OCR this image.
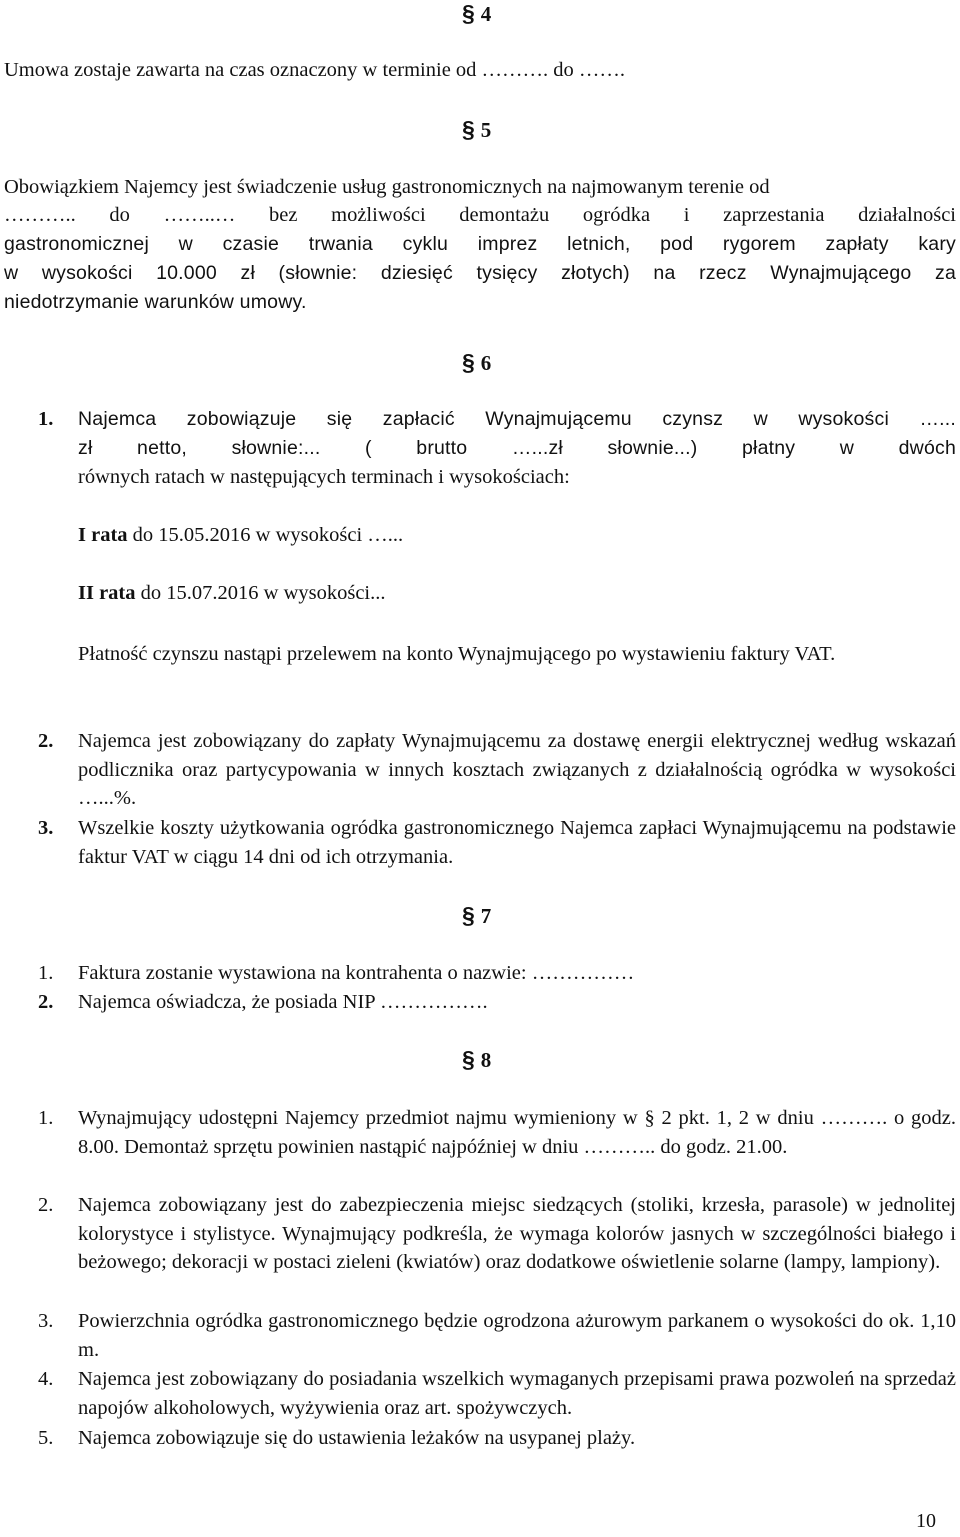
§ 4
Umowa zostaje zawarta na czas oznaczony w terminie od ………. do …….
§ 5
Obowiązkiem Najemcy jest świadczenie usług gastronomicznych na najmowanym terenie od
……….. do ……..… bez możliwości demontażu ogródka i zaprzestania działalności
gastronomicznej w czasie trwania cyklu imprez letnich, pod rygorem zapłaty kary
w wysokości 10.000 zł (słownie: dziesięć tysięcy złotych) na rzecz Wynajmującego za
niedotrzymanie warunków umowy.
§ 6
1. Najemca zobowiązuje się zapłacić Wynajmującemu czynsz w wysokości …...
zł netto, słownie:... ( brutto …...zł słownie...) płatny w dwóch
równych ratach w następujących terminach i wysokościach:
I rata do 15.05.2016 w wysokości …...
II rata do 15.07.2016 w wysokości...
Płatność czynszu nastąpi przelewem na konto Wynajmującego po wystawieniu faktury VAT.
2. Najemca jest zobowiązany do zapłaty Wynajmującemu za dostawę energii elektrycznej według wskazań podlicznika oraz partycypowania w innych kosztach związanych z działalnością ogródka w wysokości …...%.
3. Wszelkie koszty użytkowania ogródka gastronomicznego Najemca zapłaci Wynajmującemu na podstawie faktur VAT w ciągu 14 dni od ich otrzymania.
§ 7
1. Faktura zostanie wystawiona na kontrahenta o nazwie: ……………
2. Najemca oświadcza, że posiada NIP …………….
§ 8
1. Wynajmujący udostępni Najemcy przedmiot najmu wymieniony w § 2 pkt. 1, 2 w dniu ………. o godz. 8.00. Demontaż sprzętu powinien nastąpić najpóźniej w dniu ……….. do godz. 21.00.
2. Najemca zobowiązany jest do zabezpieczenia miejsc siedzących (stoliki, krzesła, parasole) w jednolitej kolorystyce i stylistyce. Wynajmujący podkreśla, że wymaga kolorów jasnych w szczególności białego i beżowego; dekoracji w postaci zieleni (kwiatów) oraz dodatkowe oświetlenie solarne (lampy, lampiony).
3. Powierzchnia ogródka gastronomicznego będzie ogrodzona ażurowym parkanem o wysokości do ok. 1,10 m.
4. Najemca jest zobowiązany do posiadania wszelkich wymaganych przepisami prawa pozwoleń na sprzedaż napojów alkoholowych, wyżywienia oraz art. spożywczych.
5. Najemca zobowiązuje się do ustawienia leżaków na usypanej plaży.
10
